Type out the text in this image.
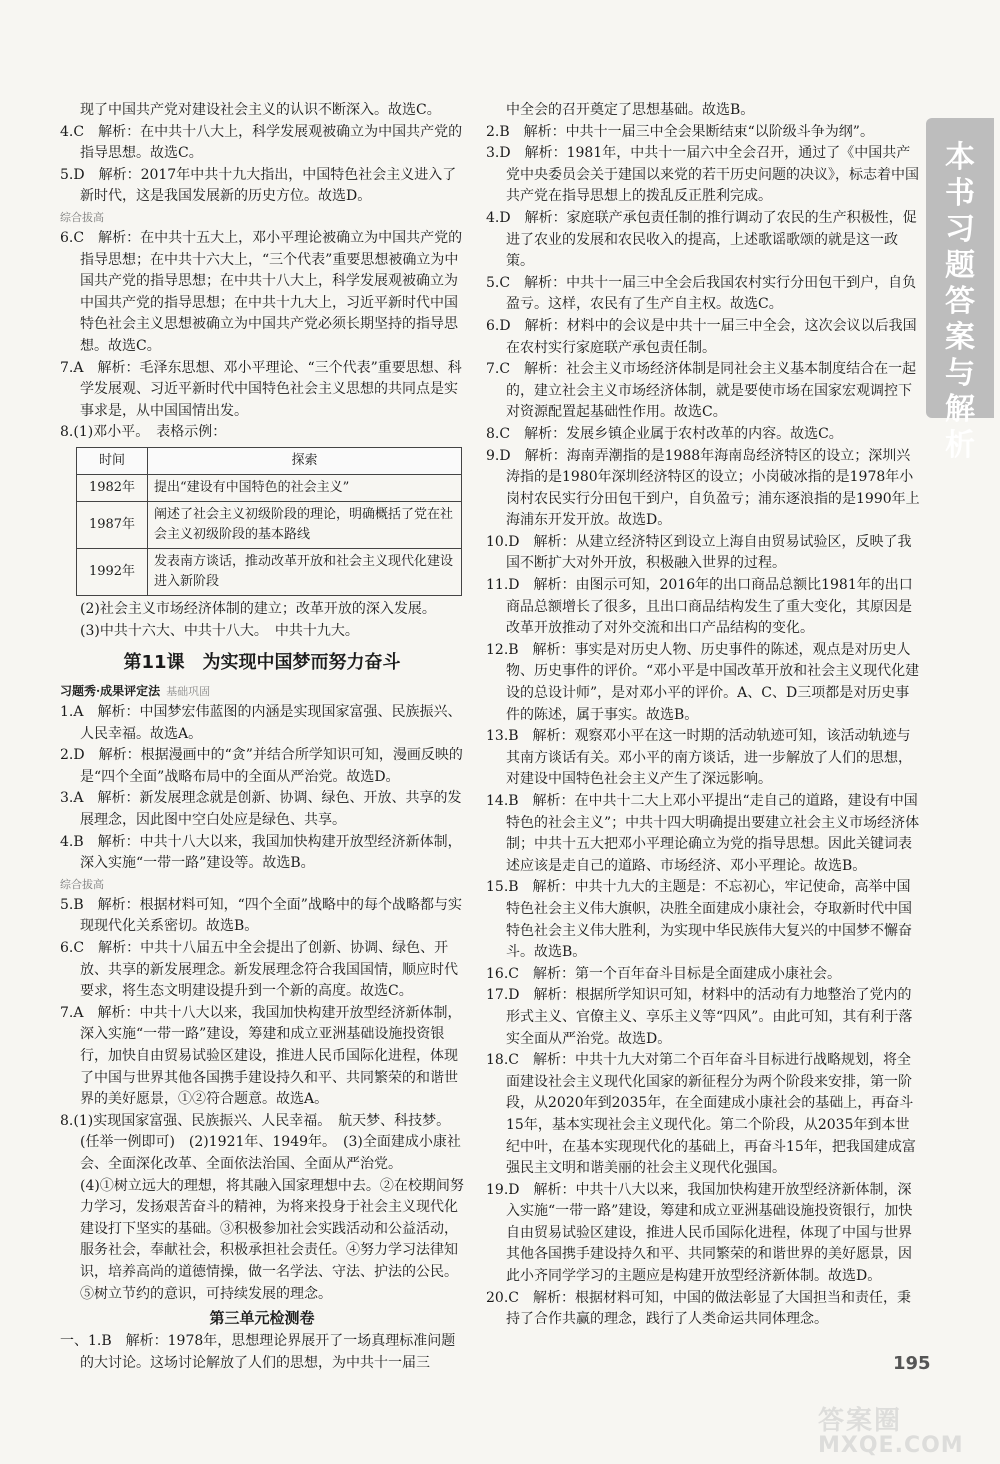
本
书
习
题
答
案
与
解
析

现了中国共产党对建设社会主义的认识不断深入。故选C。

4.C　解析：在中共十八大上，科学发展观被确立为中国共产党的指导思想。故选C。

5.D　解析：2017年中共十九大指出，中国特色社会主义进入了新时代，这是我国发展新的历史方位。故选D。

综合拔高

6.C　解析：在中共十五大上，邓小平理论被确立为中国共产党的指导思想；在中共十六大上，“三个代表”重要思想被确立为中国共产党的指导思想；在中共十八大上，科学发展观被确立为中国共产党的指导思想；在中共十九大上，习近平新时代中国特色社会主义思想被确立为中国共产党必须长期坚持的指导思想。故选C。

7.A　解析：毛泽东思想、邓小平理论、“三个代表”重要思想、科学发展观、习近平新时代中国特色社会主义思想的共同点是实事求是，从中国国情出发。

8.(1)邓小平。　表格示例：

时间	探索
1982年	提出“建设有中国特色的社会主义”
1987年	阐述了社会主义初级阶段的理论，明确概括了党在社会主义初级阶段的基本路线
1992年	发表南方谈话，推动改革开放和社会主义现代化建设进入新阶段

(2)社会主义市场经济体制的建立；改革开放的深入发展。

(3)中共十六大、中共十八大。　中共十九大。

第11课　为实现中国梦而努力奋斗

习题秀·成果评定法 基础巩固

1.A　解析：中国梦宏伟蓝图的内涵是实现国家富强、民族振兴、人民幸福。故选A。

2.D　解析：根据漫画中的“贪”并结合所学知识可知，漫画反映的是“四个全面”战略布局中的全面从严治党。故选D。

3.A　解析：新发展理念就是创新、协调、绿色、开放、共享的发展理念，因此图中空白处应是绿色、共享。

4.B　解析：中共十八大以来，我国加快构建开放型经济新体制，深入实施“一带一路”建设等。故选B。

综合拔高

5.B　解析：根据材料可知，“四个全面”战略中的每个战略都与实现现代化关系密切。故选B。

6.C　解析：中共十八届五中全会提出了创新、协调、绿色、开放、共享的新发展理念。新发展理念符合我国国情，顺应时代要求，将生态文明建设提升到一个新的高度。故选C。

7.A　解析：中共十八大以来，我国加快构建开放型经济新体制，深入实施“一带一路”建设，筹建和成立亚洲基础设施投资银行，加快自由贸易试验区建设，推进人民币国际化进程，体现了中国与世界其他各国携手建设持久和平、共同繁荣的和谐世界的美好愿景，①②符合题意。故选A。

8.(1)实现国家富强、民族振兴、人民幸福。　航天梦、科技梦。(任举一例即可)　(2)1921年、1949年。　(3)全面建成小康社会、全面深化改革、全面依法治国、全面从严治党。

(4)①树立远大的理想，将其融入国家理想中去。②在校期间努力学习，发扬艰苦奋斗的精神，为将来投身于社会主义现代化建设打下坚实的基础。③积极参加社会实践活动和公益活动，服务社会，奉献社会，积极承担社会责任。④努力学习法律知识，培养高尚的道德情操，做一名学法、守法、护法的公民。⑤树立节约的意识，可持续发展的理念。

第三单元检测卷

一、1.B　解析：1978年，思想理论界展开了一场真理标准问题的大讨论。这场讨论解放了人们的思想，为中共十一届三

中全会的召开奠定了思想基础。故选B。

2.B　解析：中共十一届三中全会果断结束“以阶级斗争为纲”。

3.D　解析：1981年，中共十一届六中全会召开，通过了《中国共产党中央委员会关于建国以来党的若干历史问题的决议》，标志着中国共产党在指导思想上的拨乱反正胜利完成。

4.D　解析：家庭联产承包责任制的推行调动了农民的生产积极性，促进了农业的发展和农民收入的提高，上述歌谣歌颂的就是这一政策。

5.C　解析：中共十一届三中全会后我国农村实行分田包干到户，自负盈亏。这样，农民有了生产自主权。故选C。

6.D　解析：材料中的会议是中共十一届三中全会，这次会议以后我国在农村实行家庭联产承包责任制。

7.C　解析：社会主义市场经济体制是同社会主义基本制度结合在一起的，建立社会主义市场经济体制，就是要使市场在国家宏观调控下对资源配置起基础性作用。故选C。

8.C　解析：发展乡镇企业属于农村改革的内容。故选C。

9.D　解析：海南弄潮指的是1988年海南岛经济特区的设立；深圳兴涛指的是1980年深圳经济特区的设立；小岗破冰指的是1978年小岗村农民实行分田包干到户，自负盈亏；浦东逐浪指的是1990年上海浦东开发开放。故选D。

10.D　解析：从建立经济特区到设立上海自由贸易试验区，反映了我国不断扩大对外开放，积极融入世界的过程。

11.D　解析：由图示可知，2016年的出口商品总额比1981年的出口商品总额增长了很多，且出口商品结构发生了重大变化，其原因是改革开放推动了对外交流和出口产品结构的变化。

12.B　解析：事实是对历史人物、历史事件的陈述，观点是对历史人物、历史事件的评价。“邓小平是中国改革开放和社会主义现代化建设的总设计师”，是对邓小平的评价。A、C、D三项都是对历史事件的陈述，属于事实。故选B。

13.B　解析：观察邓小平在这一时期的活动轨迹可知，该活动轨迹与其南方谈话有关。邓小平的南方谈话，进一步解放了人们的思想，对建设中国特色社会主义产生了深远影响。

14.B　解析：在中共十二大上邓小平提出“走自己的道路，建设有中国特色的社会主义”；中共十四大明确提出要建立社会主义市场经济体制；中共十五大把邓小平理论确立为党的指导思想。因此关键词表述应该是走自己的道路、市场经济、邓小平理论。故选B。

15.B　解析：中共十九大的主题是：不忘初心，牢记使命，高举中国特色社会主义伟大旗帜，决胜全面建成小康社会，夺取新时代中国特色社会主义伟大胜利，为实现中华民族伟大复兴的中国梦不懈奋斗。故选B。

16.C　解析：第一个百年奋斗目标是全面建成小康社会。

17.D　解析：根据所学知识可知，材料中的活动有力地整治了党内的形式主义、官僚主义、享乐主义等“四风”。由此可知，其有利于落实全面从严治党。故选D。

18.C　解析：中共十九大对第二个百年奋斗目标进行战略规划，将全面建设社会主义现代化国家的新征程分为两个阶段来安排，第一阶段，从2020年到2035年，在全面建成小康社会的基础上，再奋斗15年，基本实现社会主义现代化。第二个阶段，从2035年到本世纪中叶，在基本实现现代化的基础上，再奋斗15年，把我国建成富强民主文明和谐美丽的社会主义现代化强国。

19.D　解析：中共十八大以来，我国加快构建开放型经济新体制，深入实施“一带一路”建设，筹建和成立亚洲基础设施投资银行，加快自由贸易试验区建设，推进人民币国际化进程，体现了中国与世界其他各国携手建设持久和平、共同繁荣的和谐世界的美好愿景，因此小齐同学学习的主题应是构建开放型经济新体制。故选D。

20.C　解析：根据材料可知，中国的做法彰显了大国担当和责任，秉持了合作共赢的理念，践行了人类命运共同体理念。

195
答案圈
MXQE.COM
